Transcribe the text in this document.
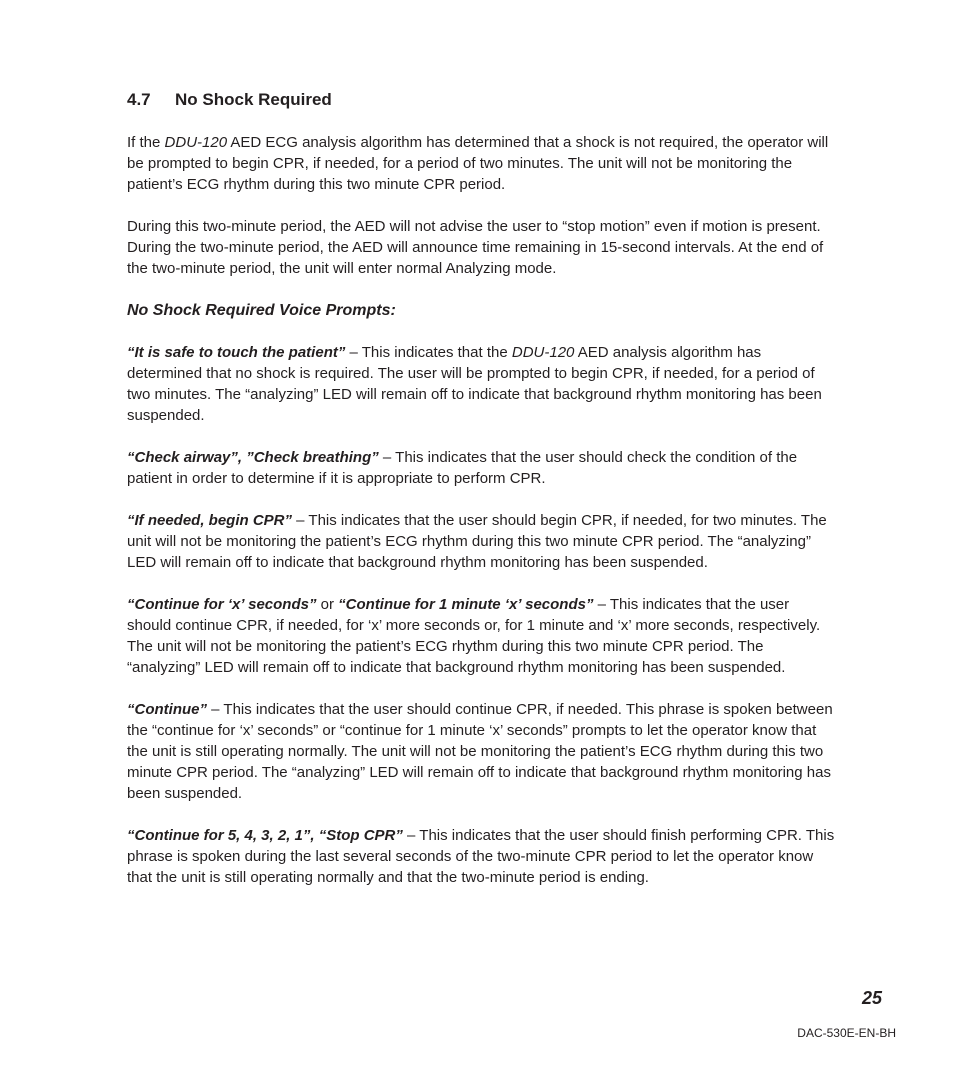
4.7 No Shock Required

If the DDU-120 AED ECG analysis algorithm has determined that a shock is not required, the operator will be prompted to begin CPR, if needed, for a period of two minutes. The unit will not be monitoring the patient’s ECG rhythm during this two minute CPR period.

During this two-minute period, the AED will not advise the user to “stop motion” even if motion is present. During the two-minute period, the AED will announce time remaining in 15-second intervals. At the end of the two-minute period, the unit will enter normal Analyzing mode.

No Shock Required Voice Prompts:

“It is safe to touch the patient” – This indicates that the DDU-120 AED analysis algorithm has determined that no shock is required. The user will be prompted to begin CPR, if needed, for a period of two minutes. The “analyzing” LED will remain off to indicate that background rhythm monitoring has been suspended.

“Check airway”, ”Check breathing” – This indicates that the user should check the condition of the patient in order to determine if it is appropriate to perform CPR.

“If needed, begin CPR” – This indicates that the user should begin CPR, if needed, for two minutes. The unit will not be monitoring the patient’s ECG rhythm during this two minute CPR period. The “analyzing” LED will remain off to indicate that background rhythm monitoring has been suspended.

“Continue for ‘x’ seconds” or “Continue for 1 minute ‘x’ seconds” – This indicates that the user should continue CPR, if needed, for ‘x’ more seconds or, for 1 minute and ‘x’ more seconds, respectively. The unit will not be monitoring the patient’s ECG rhythm during this two minute CPR period. The “analyzing” LED will remain off to indicate that background rhythm monitoring has been suspended.

“Continue” – This indicates that the user should continue CPR, if needed. This phrase is spoken between the “continue for ‘x’ seconds” or “continue for 1 minute ‘x’ seconds” prompts to let the operator know that the unit is still operating normally. The unit will not be monitoring the patient’s ECG rhythm during this two minute CPR period. The “analyzing” LED will remain off to indicate that background rhythm monitoring has been suspended.

“Continue for 5, 4, 3, 2, 1”, “Stop CPR” – This indicates that the user should finish performing CPR. This phrase is spoken during the last several seconds of the two-minute CPR period to let the operator know that the unit is still operating normally and that the two-minute period is ending.

25
DAC-530E-EN-BH
